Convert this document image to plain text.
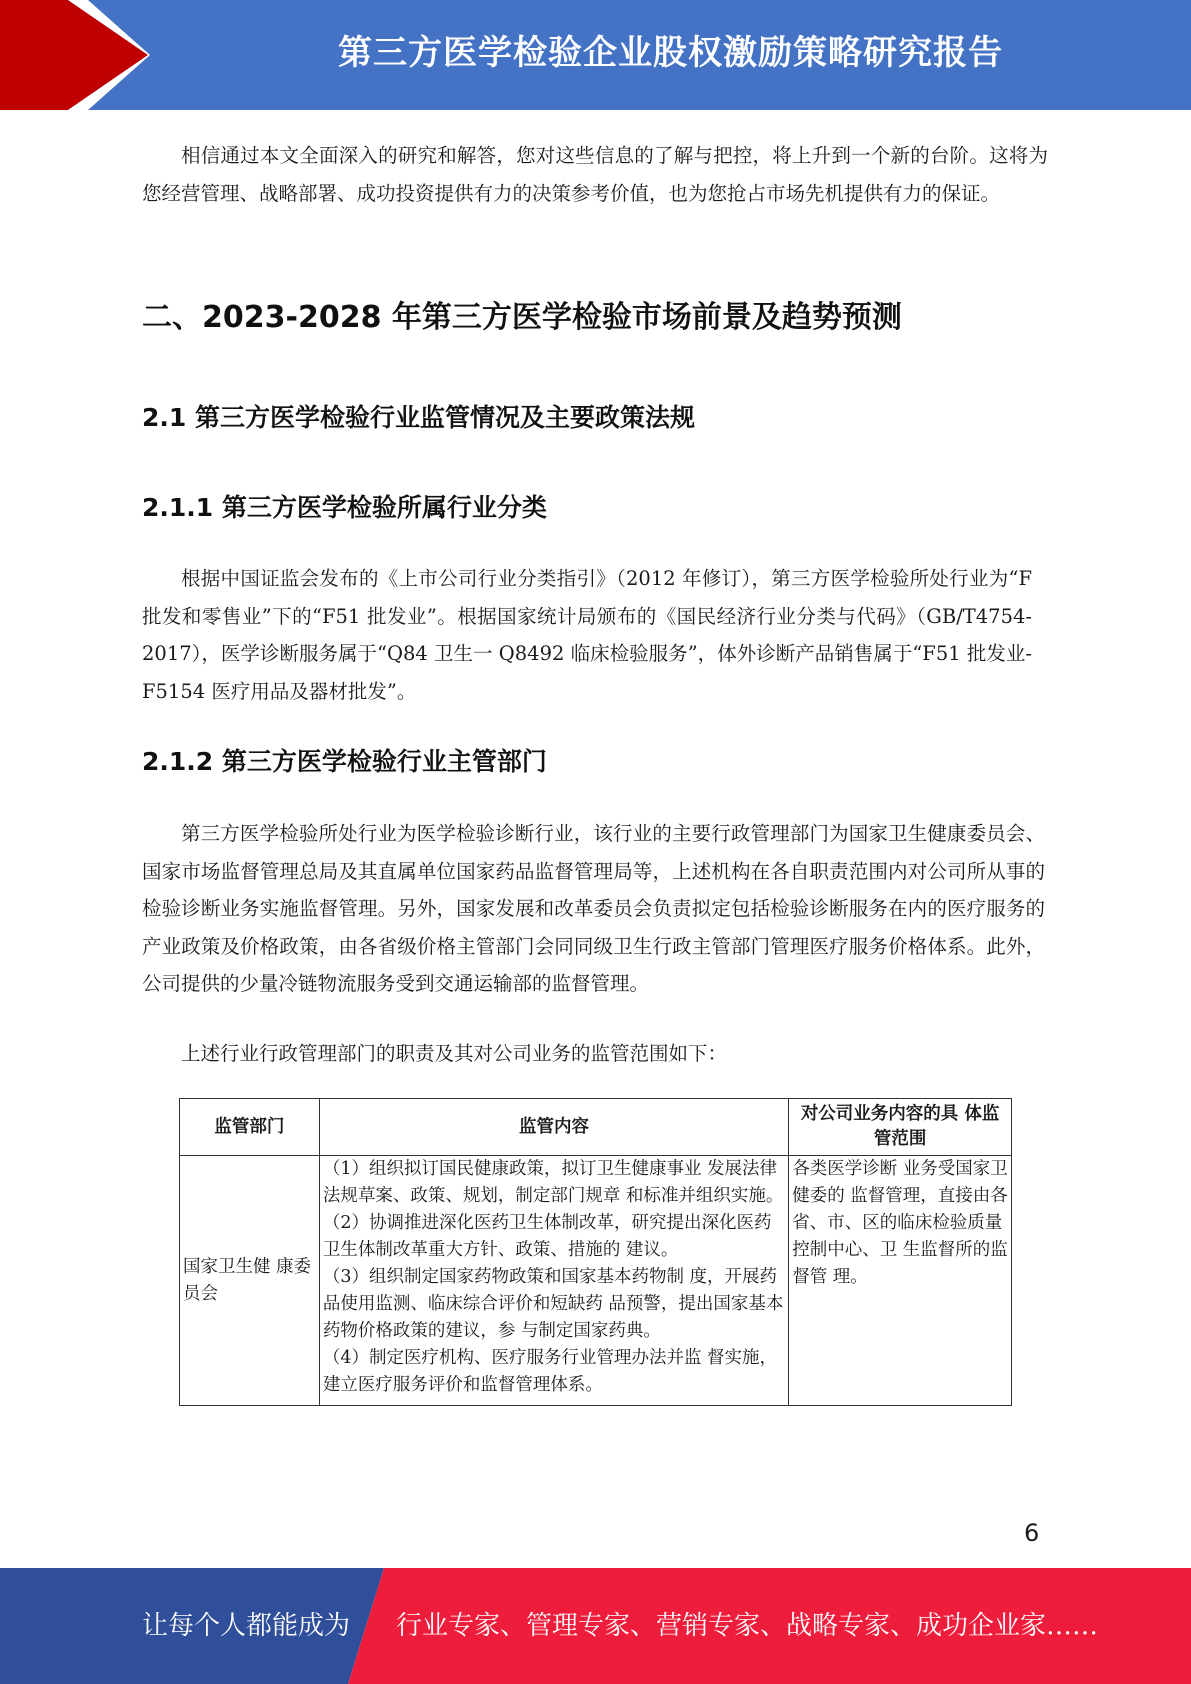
第三方医学检验企业股权激励策略研究报告

相信通过本文全面深入的研究和解答，您对这些信息的了解与把控，将上升到一个新的台阶。这将为您经营管理、战略部署、成功投资提供有力的决策参考价值，也为您抢占市场先机提供有力的保证。

二、2023-2028 年第三方医学检验市场前景及趋势预测
2.1 第三方医学检验行业监管情况及主要政策法规
2.1.1 第三方医学检验所属行业分类

根据中国证监会发布的《上市公司行业分类指引》（2012 年修订），第三方医学检验所处行业为“F 批发和零售业”下的“F51 批发业”。根据国家统计局颁布的《国民经济行业分类与代码》（GB/T4754-2017），医学诊断服务属于“Q84 卫生一 Q8492 临床检验服务”，体外诊断产品销售属于“F51 批发业-F5154 医疗用品及器材批发”。

2.1.2 第三方医学检验行业主管部门

第三方医学检验所处行业为医学检验诊断行业，该行业的主要行政管理部门为国家卫生健康委员会、国家市场监督管理总局及其直属单位国家药品监督管理局等，上述机构在各自职责范围内对公司所从事的检验诊断业务实施监督管理。另外，国家发展和改革委员会负责拟定包括检验诊断服务在内的医疗服务的产业政策及价格政策，由各省级价格主管部门会同同级卫生行政主管部门管理医疗服务价格体系。此外，公司提供的少量冷链物流服务受到交通运输部的监督管理。

上述行业行政管理部门的职责及其对公司业务的监管范围如下：

监管部门	监管内容	对公司业务内容的具 体监管范围
国家卫生健 康委员会	（1）组织拟订国民健康政策，拟订卫生健康事业 发展法律法规草案、政策、规划，制定部门规章 和标准并组织实施。
（2）协调推进深化医药卫生体制改革，研究提出深化医药卫生体制改革重大方针、政策、措施的 建议。
（3）组织制定国家药物政策和国家基本药物制 度，开展药品使用监测、临床综合评价和短缺药 品预警，提出国家基本药物价格政策的建议，参 与制定国家药典。
（4）制定医疗机构、医疗服务行业管理办法并监 督实施，建立医疗服务评价和监督管理体系。	各类医学诊断 业务受国家卫健委的 监督管理，直接由各 省、市、区的临床检验质量控制中心、卫 生监督所的监督管 理。
6
让每个人都能成为 行业专家、管理专家、营销专家、战略专家、成功企业家……
